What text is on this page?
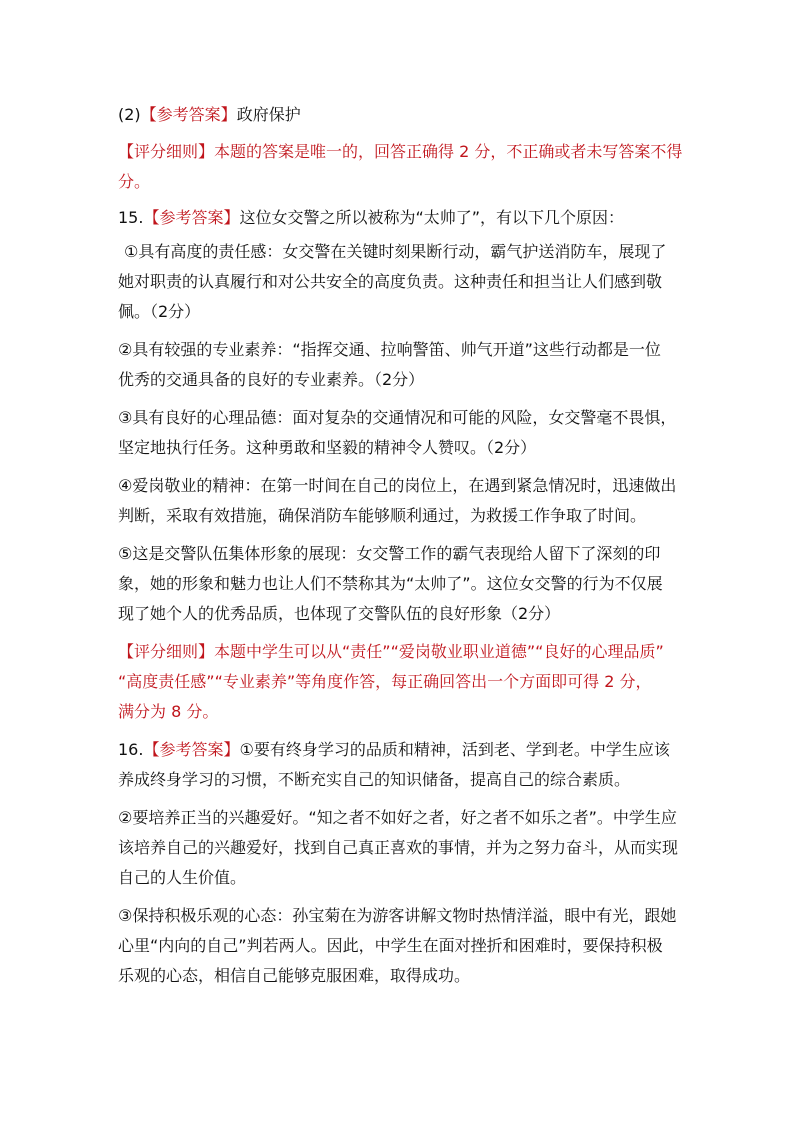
(2)【参考答案】政府保护
【评分细则】本题的答案是唯一的，回答正确得 2 分，不正确或者未写答案不得
分。
15.【参考答案】这位女交警之所以被称为“太帅了”，有以下几个原因：
①具有高度的责任感：女交警在关键时刻果断行动，霸气护送消防车，展现了
她对职责的认真履行和对公共安全的高度负责。这种责任和担当让人们感到敬
佩。（2分）
②具有较强的专业素养：“指挥交通、拉响警笛、帅气开道”这些行动都是一位
优秀的交通具备的良好的专业素养。（2分）
③具有良好的心理品德：面对复杂的交通情况和可能的风险，女交警毫不畏惧，
坚定地执行任务。这种勇敢和坚毅的精神令人赞叹。（2分）
④爱岗敬业的精神：在第一时间在自己的岗位上，在遇到紧急情况时，迅速做出
判断，采取有效措施，确保消防车能够顺利通过，为救援工作争取了时间。
⑤这是交警队伍集体形象的展现：女交警工作的霸气表现给人留下了深刻的印
象，她的形象和魅力也让人们不禁称其为“太帅了”。这位女交警的行为不仅展
现了她个人的优秀品质，也体现了交警队伍的良好形象（2分）
【评分细则】本题中学生可以从“责任”“爱岗敬业职业道德”“良好的心理品质”
“高度责任感”“专业素养”等角度作答，每正确回答出一个方面即可得 2 分，
满分为 8 分。
16.【参考答案】①要有终身学习的品质和精神，活到老、学到老。中学生应该
养成终身学习的习惯，不断充实自己的知识储备，提高自己的综合素质。
②要培养正当的兴趣爱好。“知之者不如好之者，好之者不如乐之者”。中学生应
该培养自己的兴趣爱好，找到自己真正喜欢的事情，并为之努力奋斗，从而实现
自己的人生价值。
③保持积极乐观的心态：孙宝菊在为游客讲解文物时热情洋溢，眼中有光，跟她
心里“内向的自己”判若两人。因此，中学生在面对挫折和困难时，要保持积极
乐观的心态，相信自己能够克服困难，取得成功。
